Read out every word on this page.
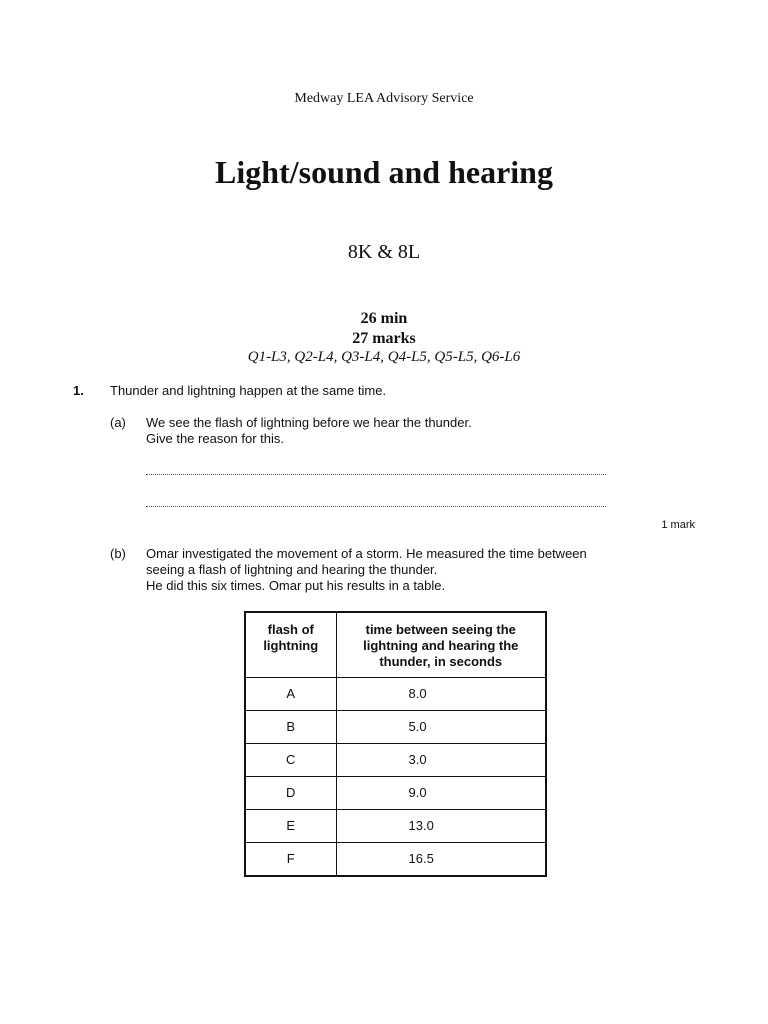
Medway LEA Advisory Service
Light/sound and hearing
8K & 8L
26 min
27 marks
Q1-L3, Q2-L4, Q3-L4, Q4-L5, Q5-L5, Q6-L6
1. Thunder and lightning happen at the same time.
(a) We see the flash of lightning before we hear the thunder.
Give the reason for this.
1 mark
(b) Omar investigated the movement of a storm. He measured the time between
seeing a flash of lightning and hearing the thunder.
He did this six times. Omar put his results in a table.
flash of lightning	time between seeing the lightning and hearing the thunder, in seconds
A	8.0
B	5.0
C	3.0
D	9.0
E	13.0
F	16.5
